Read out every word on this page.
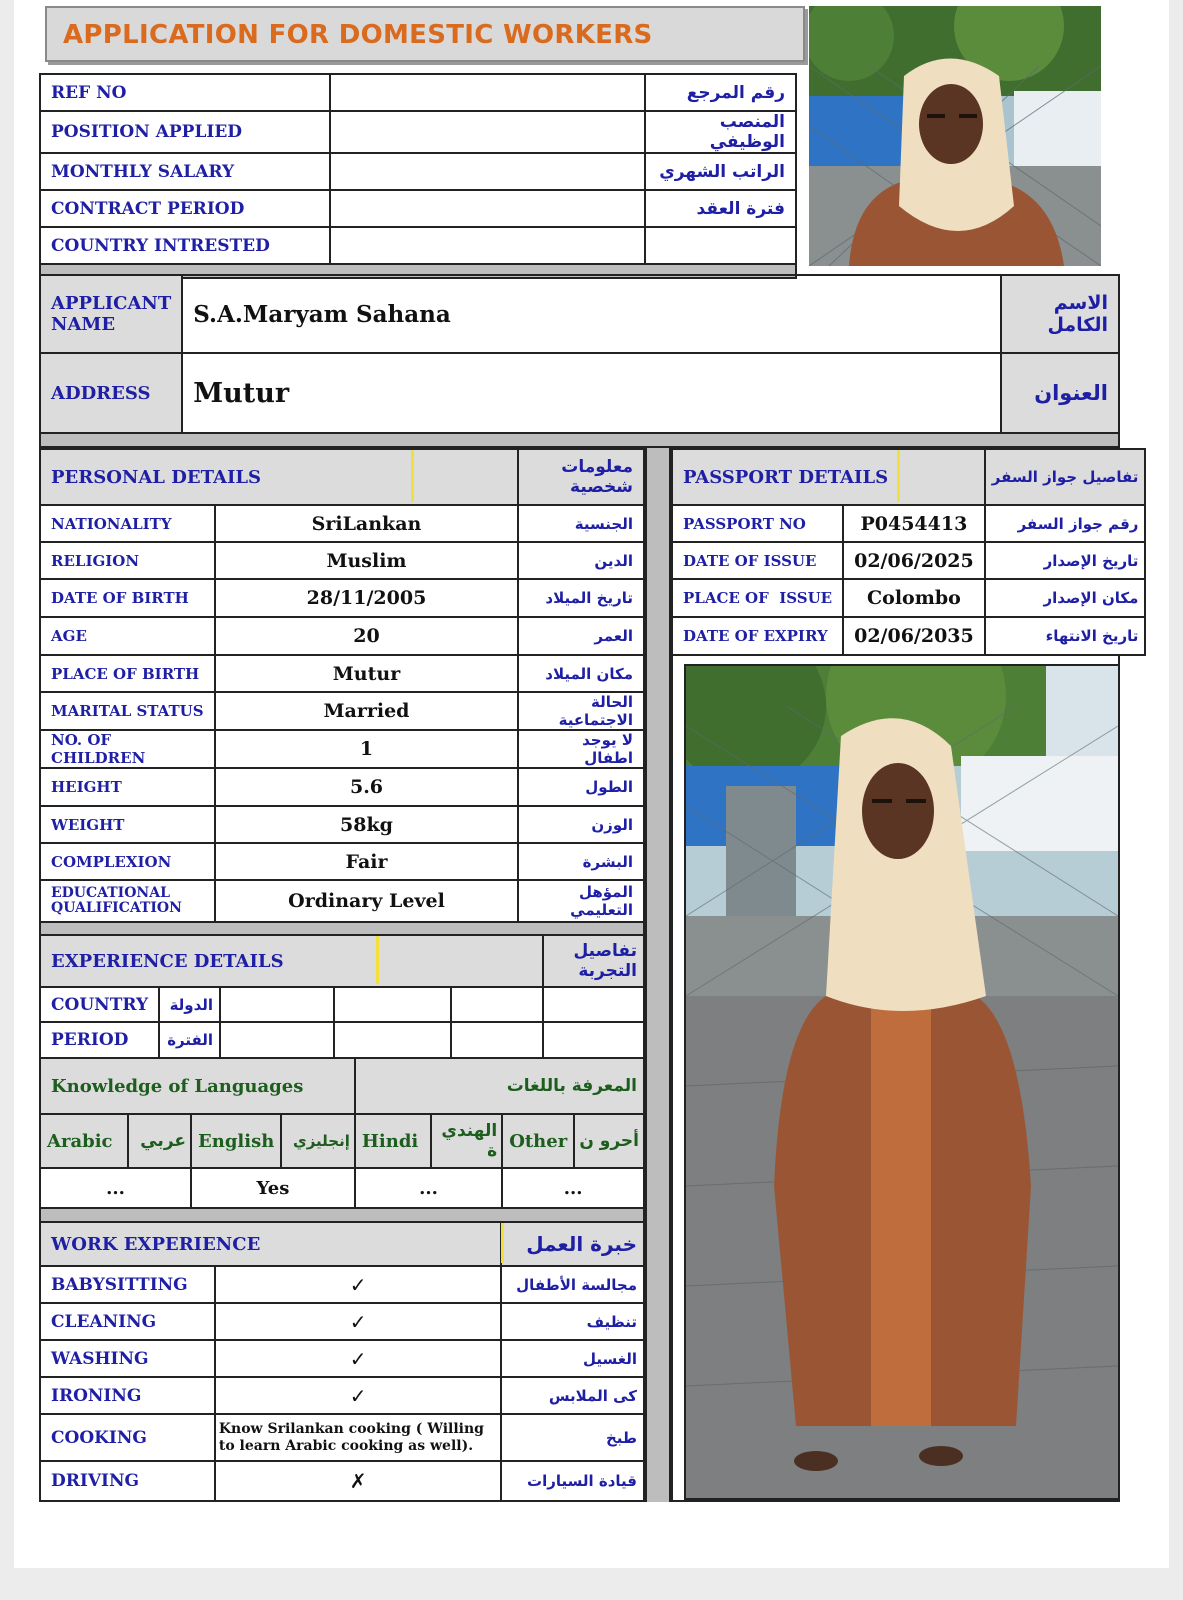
APPLICATION FOR DOMESTIC WORKERS
REF NO		رقم المرجع
POSITION APPLIED		المنصب الوظيفي
MONTHLY SALARY		الراتب الشهري
CONTRACT PERIOD		فترة العقد
COUNTRY INTRESTED		

APPLICANT NAME	S.A.Maryam Sahana	الاسم الكامل
ADDRESS	Mutur	العنوان

PERSONAL DETAILS		معلومات شخصية
NATIONALITY	SriLankan	الجنسية
RELIGION	Muslim	الدين
DATE OF BIRTH	28/11/2005	تاريخ الميلاد
AGE	20	العمر
PLACE OF BIRTH	Mutur	مكان الميلاد
MARITAL STATUS	Married	الحالة الاجتماعية
NO. OF CHILDREN	1	لا يوجد اطفال
HEIGHT	5.6	الطول
WEIGHT	58kg	الوزن
COMPLEXION	Fair	البشرة
EDUCATIONAL QUALIFICATION	Ordinary Level	المؤهل التعليمي

PASSPORT DETAILS		تفاصيل جواز السفر
PASSPORT NO	P0454413	رقم جواز السفر
DATE OF ISSUE	02/06/2025	تاريخ الإصدار
PLACE OF  ISSUE	Colombo	مكان الإصدار
DATE OF EXPIRY	02/06/2035	تاريخ الانتهاء
EXPERIENCE DETAILS					تفاصيل التجربة
COUNTRY	الدولة				
PERIOD	الفترة				
Knowledge of Languages				المعرفة باللغات			
Arabic	عربي	English	إنجليزي	Hindi	الهندي ة	Other	أحرو ن
...		Yes		...		...	

WORK EXPERIENCE		خبرة العمل
BABYSITTING	✓	مجالسة الأطفال
CLEANING	✓	تنظيف
WASHING	✓	الغسيل
IRONING	✓	كى الملابس
COOKING	Know Srilankan cooking ( Willing to learn Arabic cooking as well).	طبخ
DRIVING	✗	قيادة السيارات
